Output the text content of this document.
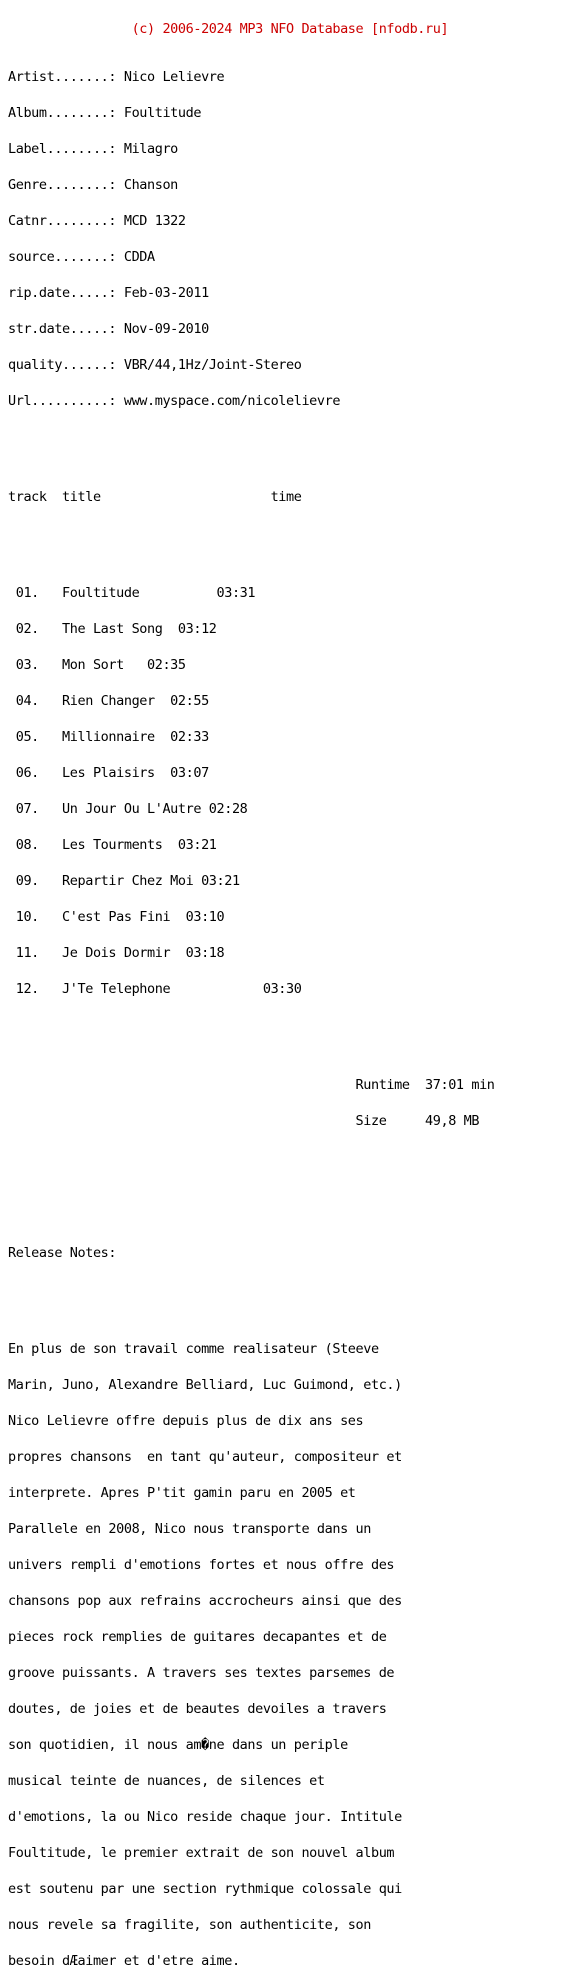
(c) 2006-2024 MP3 NFO Database [nfodb.ru]

Artist.......: Nico Lelievre

Album........: Foultitude

Label........: Milagro

Genre........: Chanson

Catnr........: MCD 1322

source.......: CDDA

rip.date.....: Feb-03-2011

str.date.....: Nov-09-2010

quality......: VBR/44,1Hz/Joint-Stereo

Url..........: www.myspace.com/nicolelievre

track  title                      time

01.   Foultitude          03:31

02.   The Last Song  03:12

03.   Mon Sort   02:35

04.   Rien Changer  02:55

05.   Millionnaire  02:33

06.   Les Plaisirs  03:07

07.   Un Jour Ou L'Autre 02:28

08.   Les Tourments  03:21

09.   Repartir Chez Moi 03:21

10.   C'est Pas Fini  03:10

11.   Je Dois Dormir  03:18

12.   J'Te Telephone            03:30

Runtime  37:01 min

Size     49,8 MB

Release Notes:

En plus de son travail comme realisateur (Steeve

Marin, Juno, Alexandre Belliard, Luc Guimond, etc.)

Nico Lelievre offre depuis plus de dix ans ses

propres chansons  en tant qu'auteur, compositeur et

interprete. Apres P'tit gamin paru en 2005 et

Parallele en 2008, Nico nous transporte dans un

univers rempli d'emotions fortes et nous offre des

chansons pop aux refrains accrocheurs ainsi que des

pieces rock remplies de guitares decapantes et de

groove puissants. A travers ses textes parsemes de

doutes, de joies et de beautes devoiles a travers

son quotidien, il nous am�ne dans un periple

musical teinte de nuances, de silences et

d'emotions, la ou Nico reside chaque jour. Intitule

Foultitude, le premier extrait de son nouvel album

est soutenu par une section rythmique colossale qui

nous revele sa fragilite, son authenticite, son

besoin dÆaimer et d'etre aime.
